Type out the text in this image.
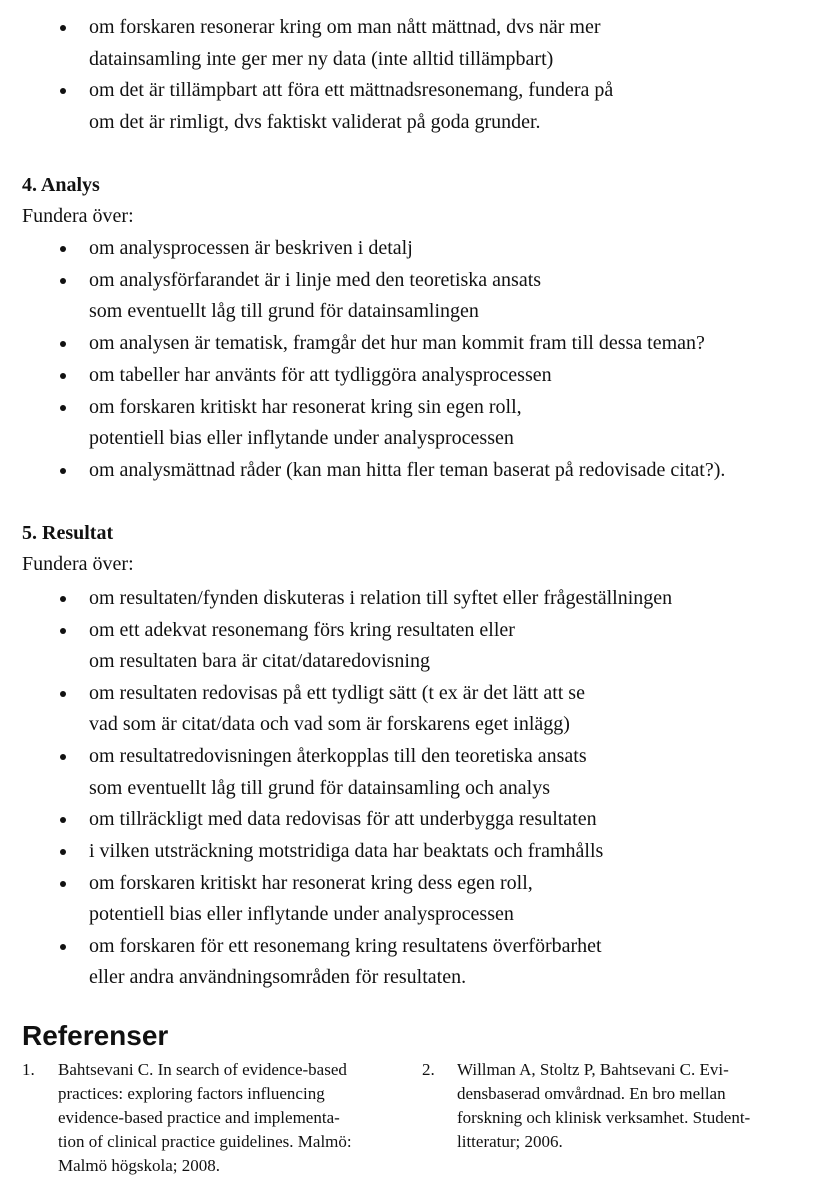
om forskaren resonerar kring om man nått mättnad, dvs när mer
datainsamling inte ger mer ny data (inte alltid tillämpbart)
om det är tillämpbart att föra ett mättnadsresonemang, fundera på
om det är rimligt, dvs faktiskt validerat på goda grunder.
4. Analys
Fundera över:
om analysprocessen är beskriven i detalj
om analysförfarandet är i linje med den teoretiska ansats
som eventuellt låg till grund för datainsamlingen
om analysen är tematisk, framgår det hur man kommit fram till dessa teman?
om tabeller har använts för att tydliggöra analysprocessen
om forskaren kritiskt har resonerat kring sin egen roll,
potentiell bias eller inflytande under analysprocessen
om analysmättnad råder (kan man hitta fler teman baserat på redovisade citat?).
5. Resultat
Fundera över:
om resultaten/fynden diskuteras i relation till syftet eller frågeställningen
om ett adekvat resonemang förs kring resultaten eller
om resultaten bara är citat/dataredovisning
om resultaten redovisas på ett tydligt sätt (t ex är det lätt att se
vad som är citat/data och vad som är forskarens eget inlägg)
om resultatredovisningen återkopplas till den teoretiska ansats
som eventuellt låg till grund för datainsamling och analys
om tillräckligt med data redovisas för att underbygga resultaten
i vilken utsträckning motstridiga data har beaktats och framhålls
om forskaren kritiskt har resonerat kring dess egen roll,
potentiell bias eller inflytande under analysprocessen
om forskaren för ett resonemang kring resultatens överförbarhet
eller andra användningsområden för resultaten.
Referenser
1. Bahtsevani C. In search of evidence-based
practices: exploring factors influencing
evidence-based practice and implementa-
tion of clinical practice guidelines. Malmö:
Malmö högskola; 2008.
2. Willman A, Stoltz P, Bahtsevani C. Evi-
densbaserad omvårdnad. En bro mellan
forskning och klinisk verksamhet. Student-
litteratur; 2006.
